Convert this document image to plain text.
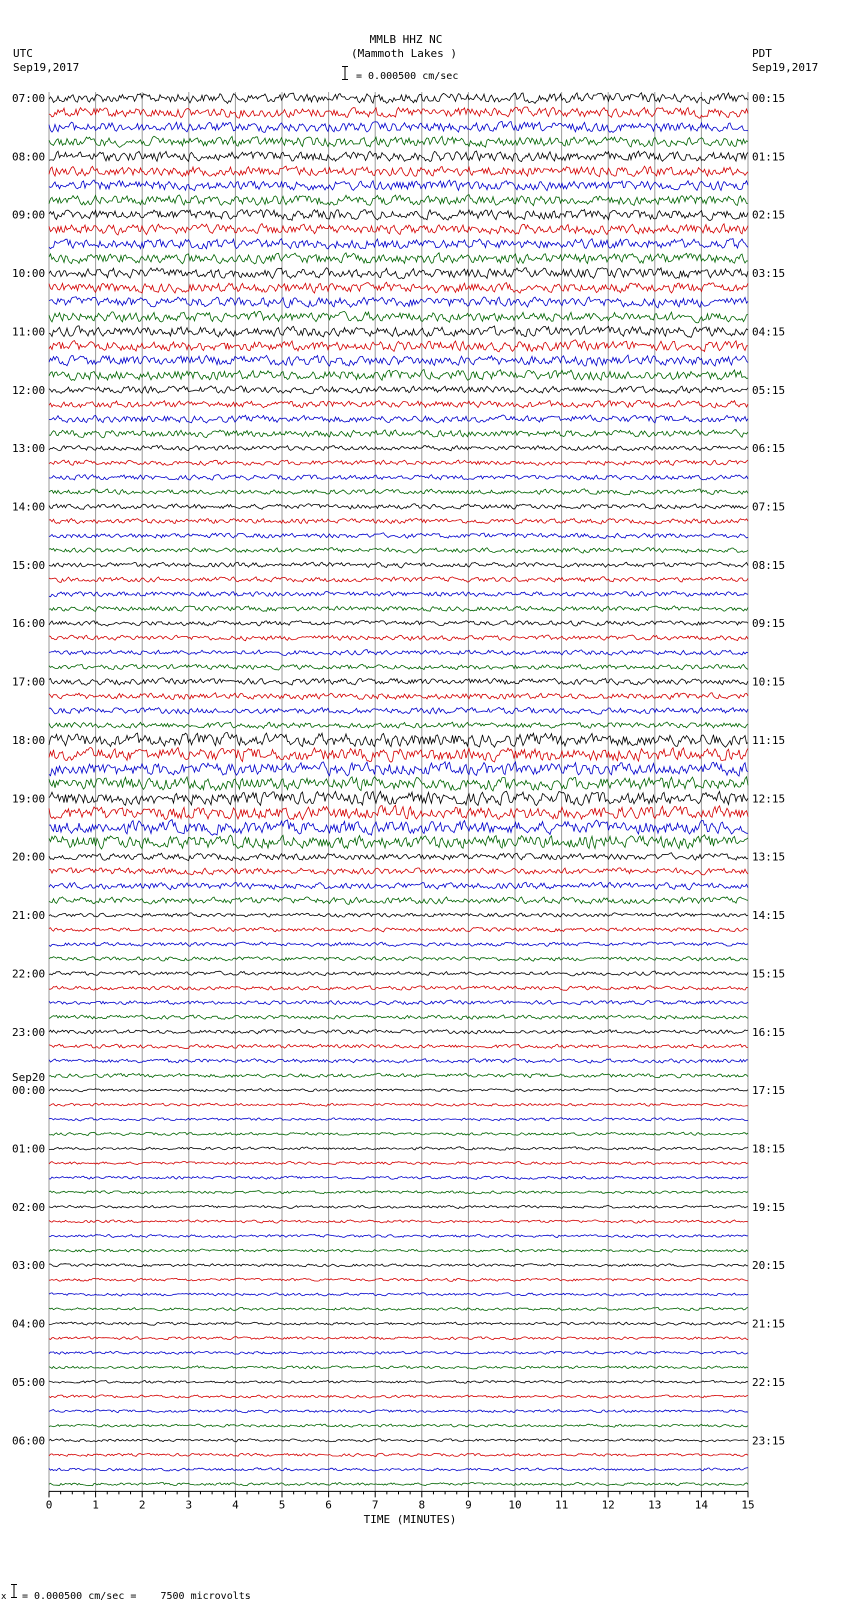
MMLB HHZ NC
(Mammoth Lakes )
UTC
Sep19,2017
PDT
Sep19,2017
= 0.000500 cm/sec
0	1	2	3	4	5	6	7	8	9	10	11	12	13	14	15
07:00
08:00
09:00
10:00
11:00
12:00
13:00
14:00
15:00
16:00
17:00
18:00
19:00
20:00
21:00
22:00
23:00
00:00
01:00
02:00
03:00
04:00
05:00
06:00
Sep20
00:15
01:15
02:15
03:15
04:15
05:15
06:15
07:15
08:15
09:15
10:15
11:15
12:15
13:15
14:15
15:15
16:15
17:15
18:15
19:15
20:15
21:15
22:15
23:15
TIME (MINUTES)
x = 0.000500 cm/sec =    7500 microvolts
